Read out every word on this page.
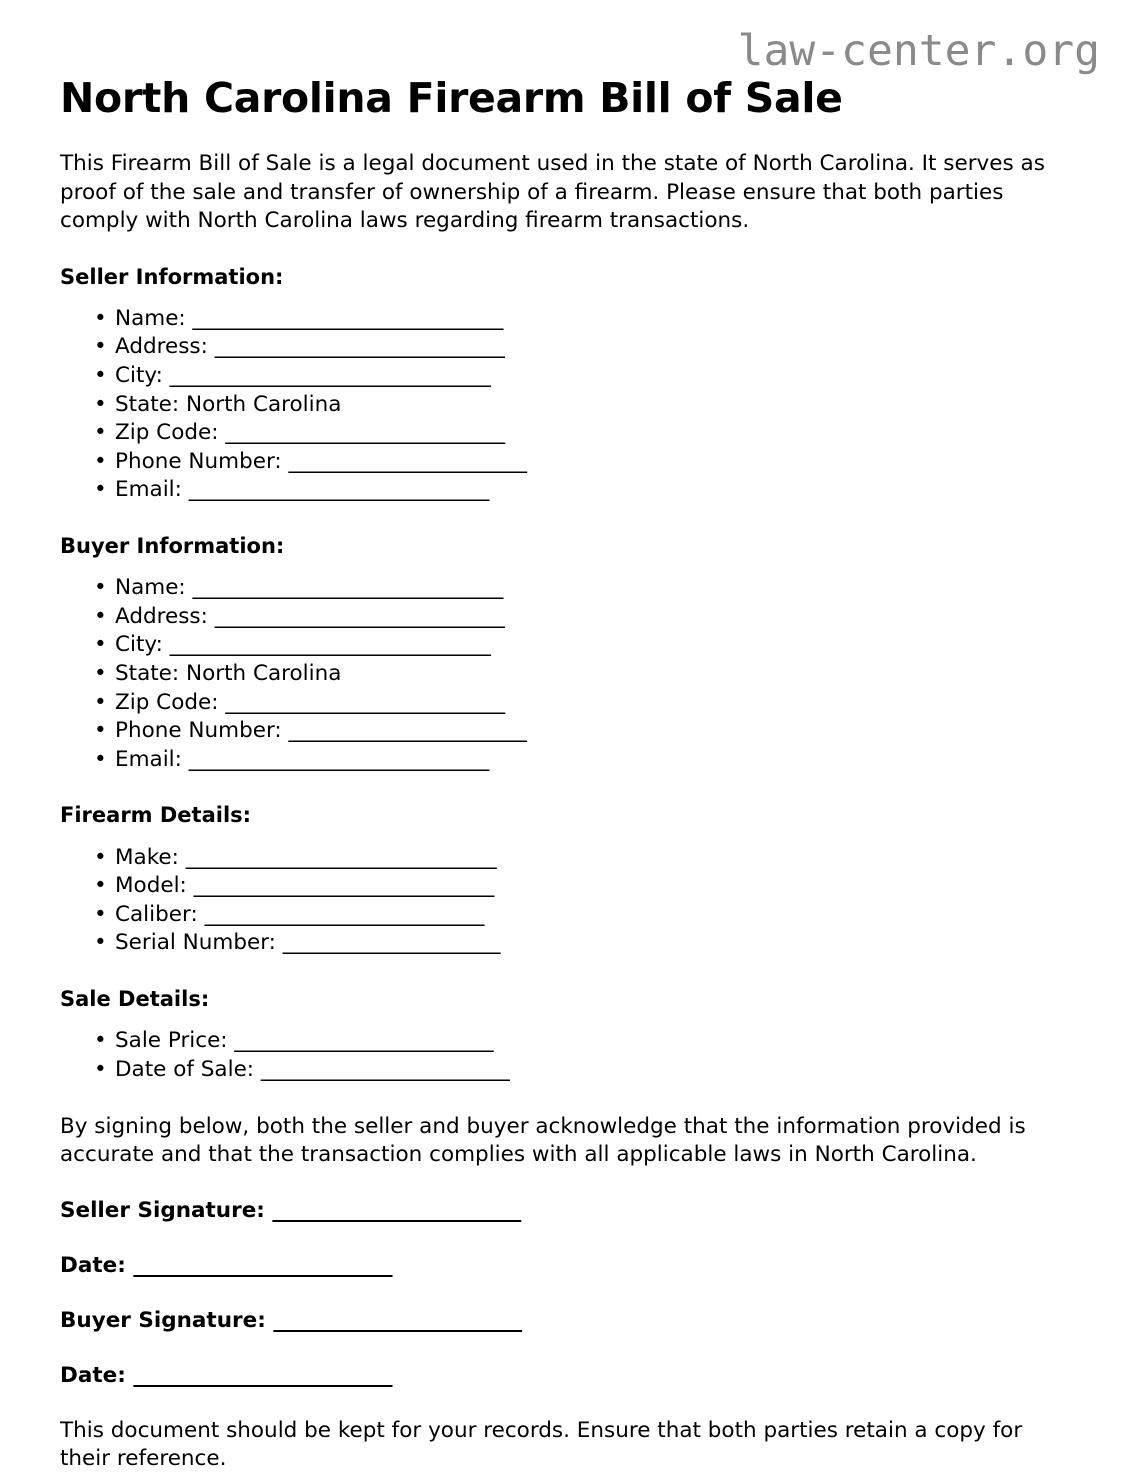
law-center.org
North Carolina Firearm Bill of Sale

This Firearm Bill of Sale is a legal document used in the state of North Carolina. It serves as proof of the sale and transfer of ownership of a firearm. Please ensure that both parties comply with North Carolina laws regarding firearm transactions.

Seller Information:
• Name: ______________________________
• Address: ____________________________
• City: _______________________________
• State: North Carolina
• Zip Code: ___________________________
• Phone Number: _______________________
• Email: _____________________________
Buyer Information:
• Name: ______________________________
• Address: ____________________________
• City: _______________________________
• State: North Carolina
• Zip Code: ___________________________
• Phone Number: _______________________
• Email: _____________________________
Firearm Details:
• Make: ______________________________
• Model: _____________________________
• Caliber: ___________________________
• Serial Number: _____________________
Sale Details:
• Sale Price: _________________________
• Date of Sale: ________________________

By signing below, both the seller and buyer acknowledge that the information provided is accurate and that the transaction complies with all applicable laws in North Carolina.

Seller Signature: ________________________
Date: _________________________
Buyer Signature: ________________________
Date: _________________________

This document should be kept for your records. Ensure that both parties retain a copy for their reference.
